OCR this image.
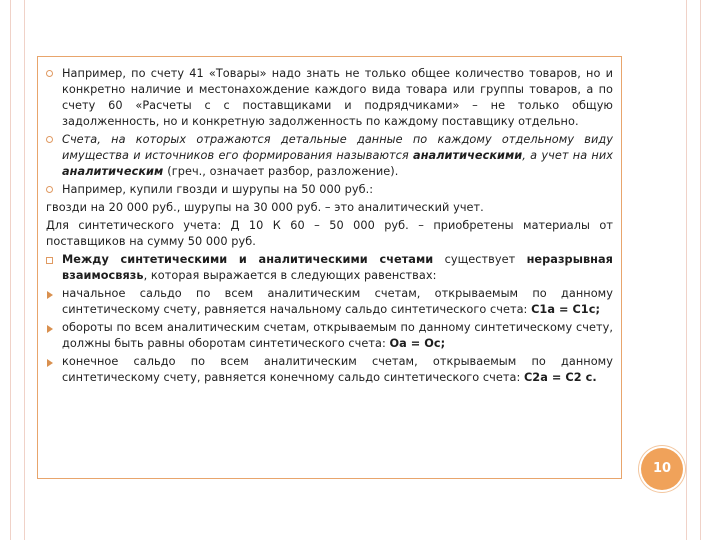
Например, по счету 41 «Товары» надо знать не только общее количество товаров, но и конкретно наличие и местонахождение каждого вида товара или группы товаров, а по счету 60 «Расчеты с с поставщиками и подрядчиками» – не только общую задолженность, но и конкретную задолженность по каждому поставщику отдельно.
Счета, на которых отражаются детальные данные по каждому отдельному виду имущества и источников его формирования называются аналитическими, а учет на них аналитическим (греч., означает разбор, разложение).
Например, купили гвозди и шурупы на 50 000 руб.:
гвозди на 20 000 руб., шурупы на 30 000 руб. – это аналитический учет.
Для синтетического учета: Д 10 К 60 – 50 000 руб. – приобретены материалы от поставщиков на сумму 50 000 руб.
Между синтетическими и аналитическими счетами существует неразрывная взаимосвязь, которая выражается в следующих равенствах:
начальное сальдо по всем аналитическим счетам, открываемым по данному синтетическому счету, равняется начальному сальдо синтетического счета: С1а = С1с;
обороты по всем аналитическим счетам, открываемым по данному синтетическому счету, должны быть равны оборотам синтетического счета: Оа = Ос;
конечное сальдо по всем аналитическим счетам, открываемым по данному синтетическому счету, равняется конечному сальдо синтетического счета: С2а = С2 с.
10
